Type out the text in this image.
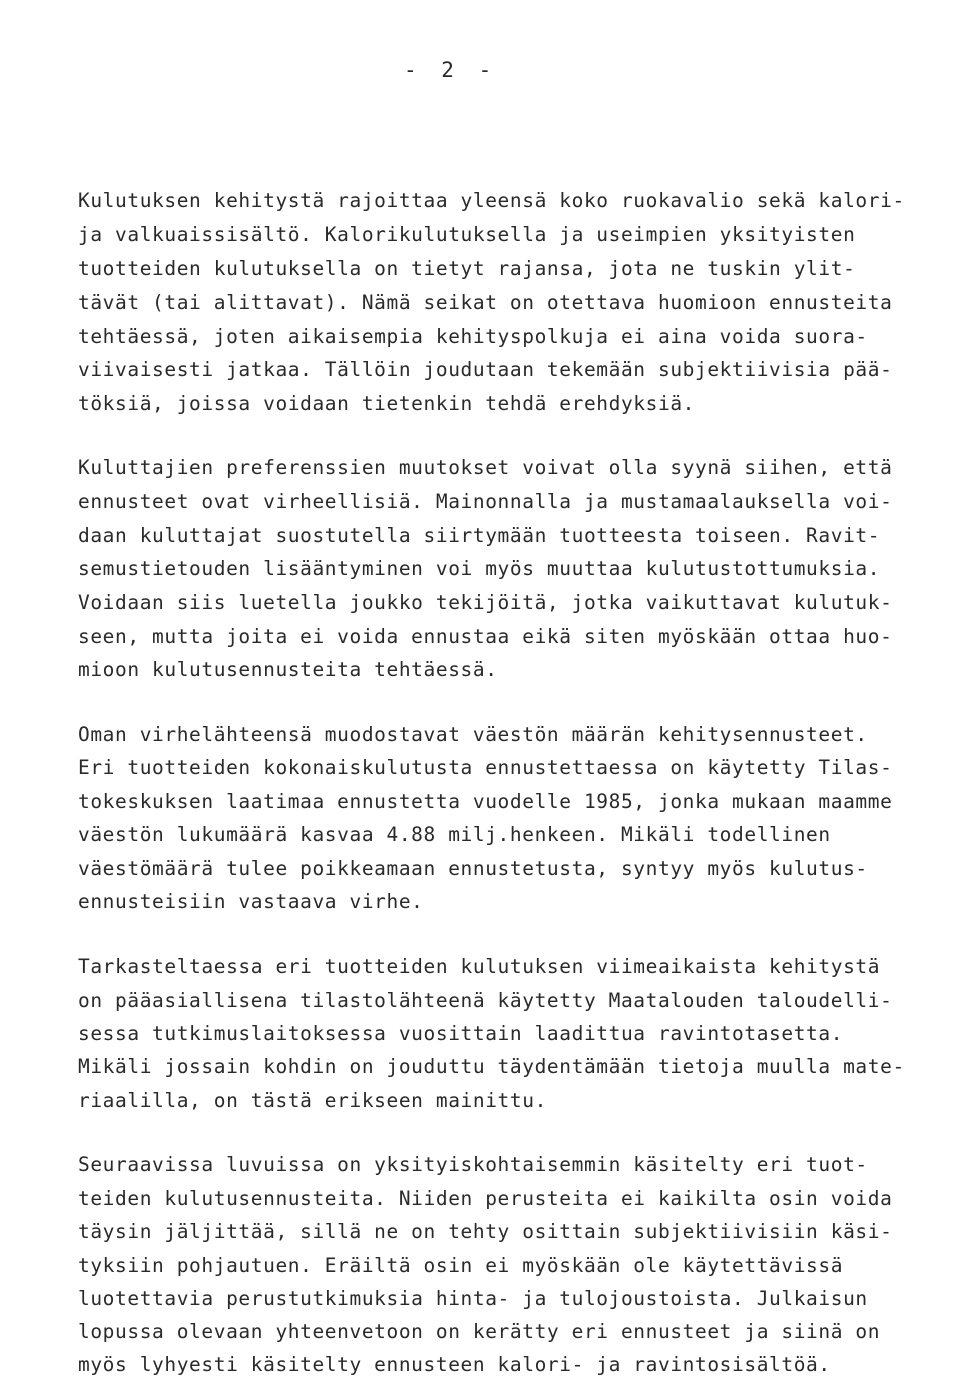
- 2 -
Kulutuksen kehitystä rajoittaa yleensä koko ruokavalio sekä kalori-
ja valkuaissisältö. Kalorikulutuksella ja useimpien yksityisten
tuotteiden kulutuksella on tietyt rajansa, jota ne tuskin ylit-
tävät (tai alittavat). Nämä seikat on otettava huomioon ennusteita
tehtäessä, joten aikaisempia kehityspolkuja ei aina voida suora-
viivaisesti jatkaa. Tällöin joudutaan tekemään subjektiivisia pää-
töksiä, joissa voidaan tietenkin tehdä erehdyksiä.
Kuluttajien preferenssien muutokset voivat olla syynä siihen, että
ennusteet ovat virheellisiä. Mainonnalla ja mustamaalauksella voi-
daan kuluttajat suostutella siirtymään tuotteesta toiseen. Ravit-
semustietouden lisääntyminen voi myös muuttaa kulutustottumuksia.
Voidaan siis luetella joukko tekijöitä, jotka vaikuttavat kulutuk-
seen, mutta joita ei voida ennustaa eikä siten myöskään ottaa huo-
mioon kulutusennusteita tehtäessä.
Oman virhelähteensä muodostavat väestön määrän kehitysennusteet.
Eri tuotteiden kokonaiskulutusta ennustettaessa on käytetty Tilas-
tokeskuksen laatimaa ennustetta vuodelle 1985, jonka mukaan maamme
väestön lukumäärä kasvaa 4.88 milj.henkeen. Mikäli todellinen
väestömäärä tulee poikkeamaan ennustetusta, syntyy myös kulutus-
ennusteisiin vastaava virhe.
Tarkasteltaessa eri tuotteiden kulutuksen viimeaikaista kehitystä
on pääasiallisena tilastolähteenä käytetty Maatalouden taloudelli-
sessa tutkimuslaitoksessa vuosittain laadittua ravintotasetta.
Mikäli jossain kohdin on jouduttu täydentämään tietoja muulla mate-
riaalilla, on tästä erikseen mainittu.
Seuraavissa luvuissa on yksityiskohtaisemmin käsitelty eri tuot-
teiden kulutusennusteita. Niiden perusteita ei kaikilta osin voida
täysin jäljittää, sillä ne on tehty osittain subjektiivisiin käsi-
tyksiin pohjautuen. Eräiltä osin ei myöskään ole käytettävissä
luotettavia perustutkimuksia hinta- ja tulojoustoista. Julkaisun
lopussa olevaan yhteenvetoon on kerätty eri ennusteet ja siinä on
myös lyhyesti käsitelty ennusteen kalori- ja ravintosisältöä.
